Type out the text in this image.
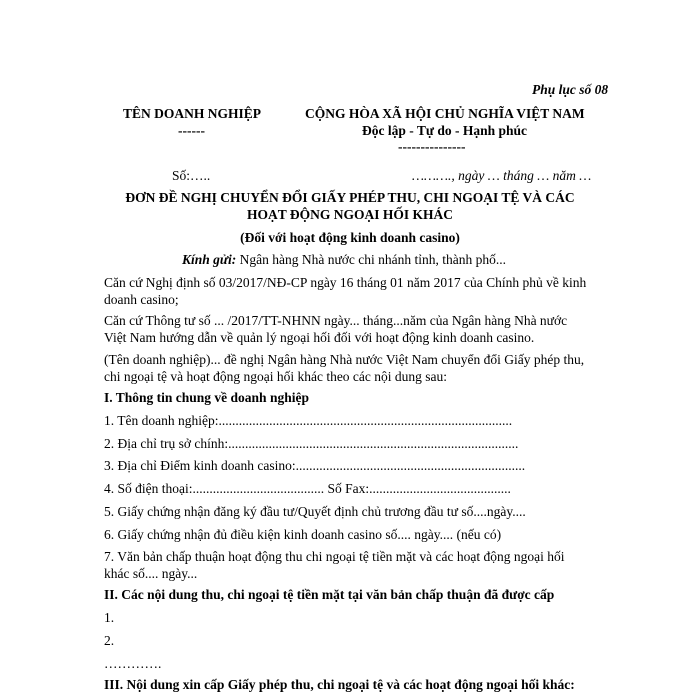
Phụ lục số 08
TÊN DOANH NGHIỆP
------
CỘNG HÒA XÃ HỘI CHỦ NGHĨA VIỆT NAM
Độc lập - Tự do - Hạnh phúc
---------------
Số:…..	………., ngày … tháng … năm …
ĐƠN ĐỀ NGHỊ CHUYỂN ĐỔI GIẤY PHÉP THU, CHI NGOẠI TỆ VÀ CÁC
HOẠT ĐỘNG NGOẠI HỐI KHÁC
(Đối với hoạt động kinh doanh casino)
Kính gửi: Ngân hàng Nhà nước chi nhánh tỉnh, thành phố...
Căn cứ Nghị định số 03/2017/NĐ-CP ngày 16 tháng 01 năm 2017 của Chính phủ về kinh
doanh casino;
Căn cứ Thông tư số ... /2017/TT-NHNN ngày... tháng...năm của Ngân hàng Nhà nước
Việt Nam hướng dẫn về quản lý ngoại hối đối với hoạt động kinh doanh casino.
(Tên doanh nghiệp)... đề nghị Ngân hàng Nhà nước Việt Nam chuyển đổi Giấy phép thu,
chi ngoại tệ và hoạt động ngoại hối khác theo các nội dung sau:
I. Thông tin chung về doanh nghiệp
1. Tên doanh nghiệp:.......................................................................................
2. Địa chỉ trụ sở chính:......................................................................................
3. Địa chỉ Điểm kinh doanh casino:....................................................................
4. Số điện thoại:....................................... Số Fax:..........................................
5. Giấy chứng nhận đăng ký đầu tư/Quyết định chủ trương đầu tư số....ngày....
6. Giấy chứng nhận đủ điều kiện kinh doanh casino số.... ngày.... (nếu có)
7. Văn bản chấp thuận hoạt động thu chi ngoại tệ tiền mặt và các hoạt động ngoại hối
khác số.... ngày...
II. Các nội dung thu, chi ngoại tệ tiền mặt tại văn bản chấp thuận đã được cấp
1.
2.
………….
III. Nội dung xin cấp Giấy phép thu, chi ngoại tệ và các hoạt động ngoại hối khác:
